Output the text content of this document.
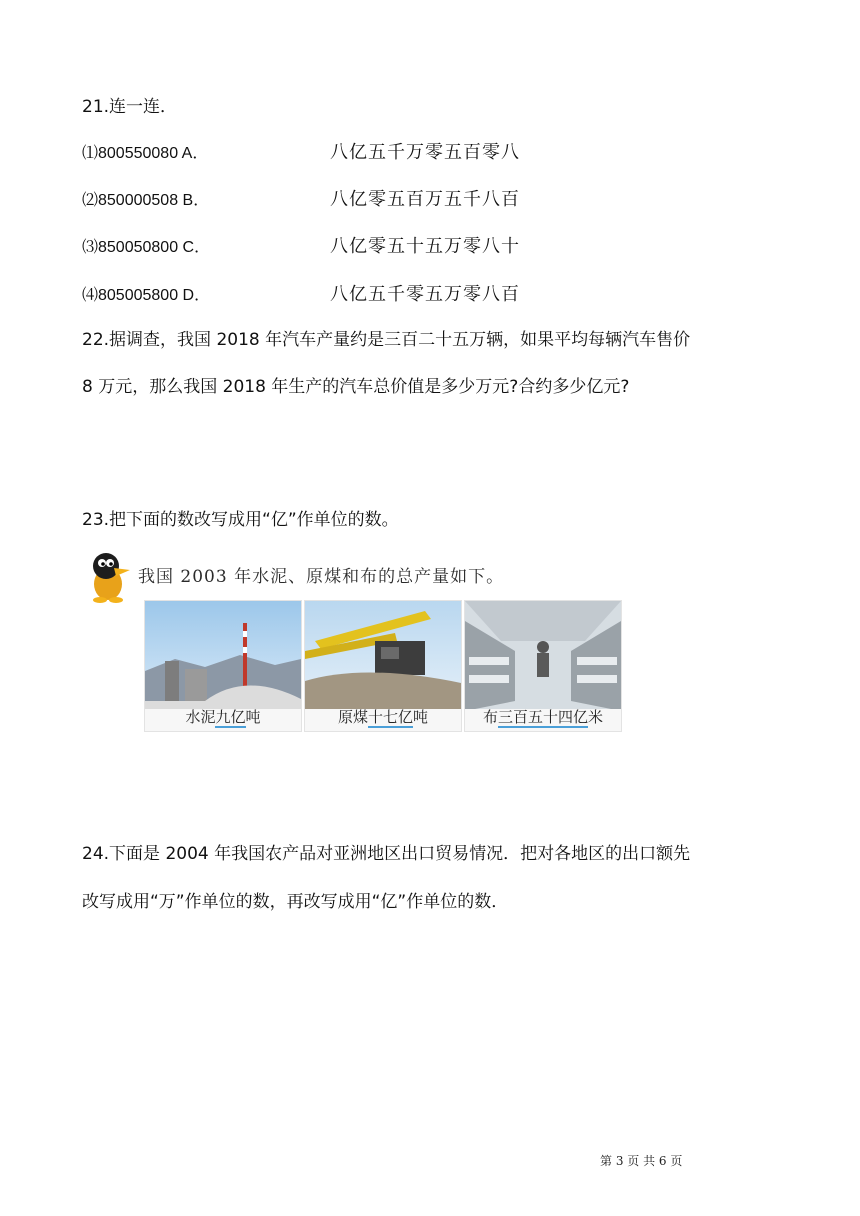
21.连一连．
⑴800550080 A．	八亿五千万零五百零八
⑵850000508 B．	八亿零五百万五千八百
⑶850050800 C．	八亿零五十五万零八十
⑷805005800 D．	八亿五千零五万零八百
22.据调查，我国 2018 年汽车产量约是三百二十五万辆，如果平均每辆汽车售价
8 万元，那么我国 2018 年生产的汽车总价值是多少万元?合约多少亿元?
23.把下面的数改写成用“亿”作单位的数。
我国 2003 年水泥、原煤和布的总产量如下。
水泥九亿吨	原煤十七亿吨	布三百五十四亿米
24.下面是 2004 年我国农产品对亚洲地区出口贸易情况．把对各地区的出口额先
改写成用“万”作单位的数，再改写成用“亿”作单位的数．
第 3 页 共 6 页
